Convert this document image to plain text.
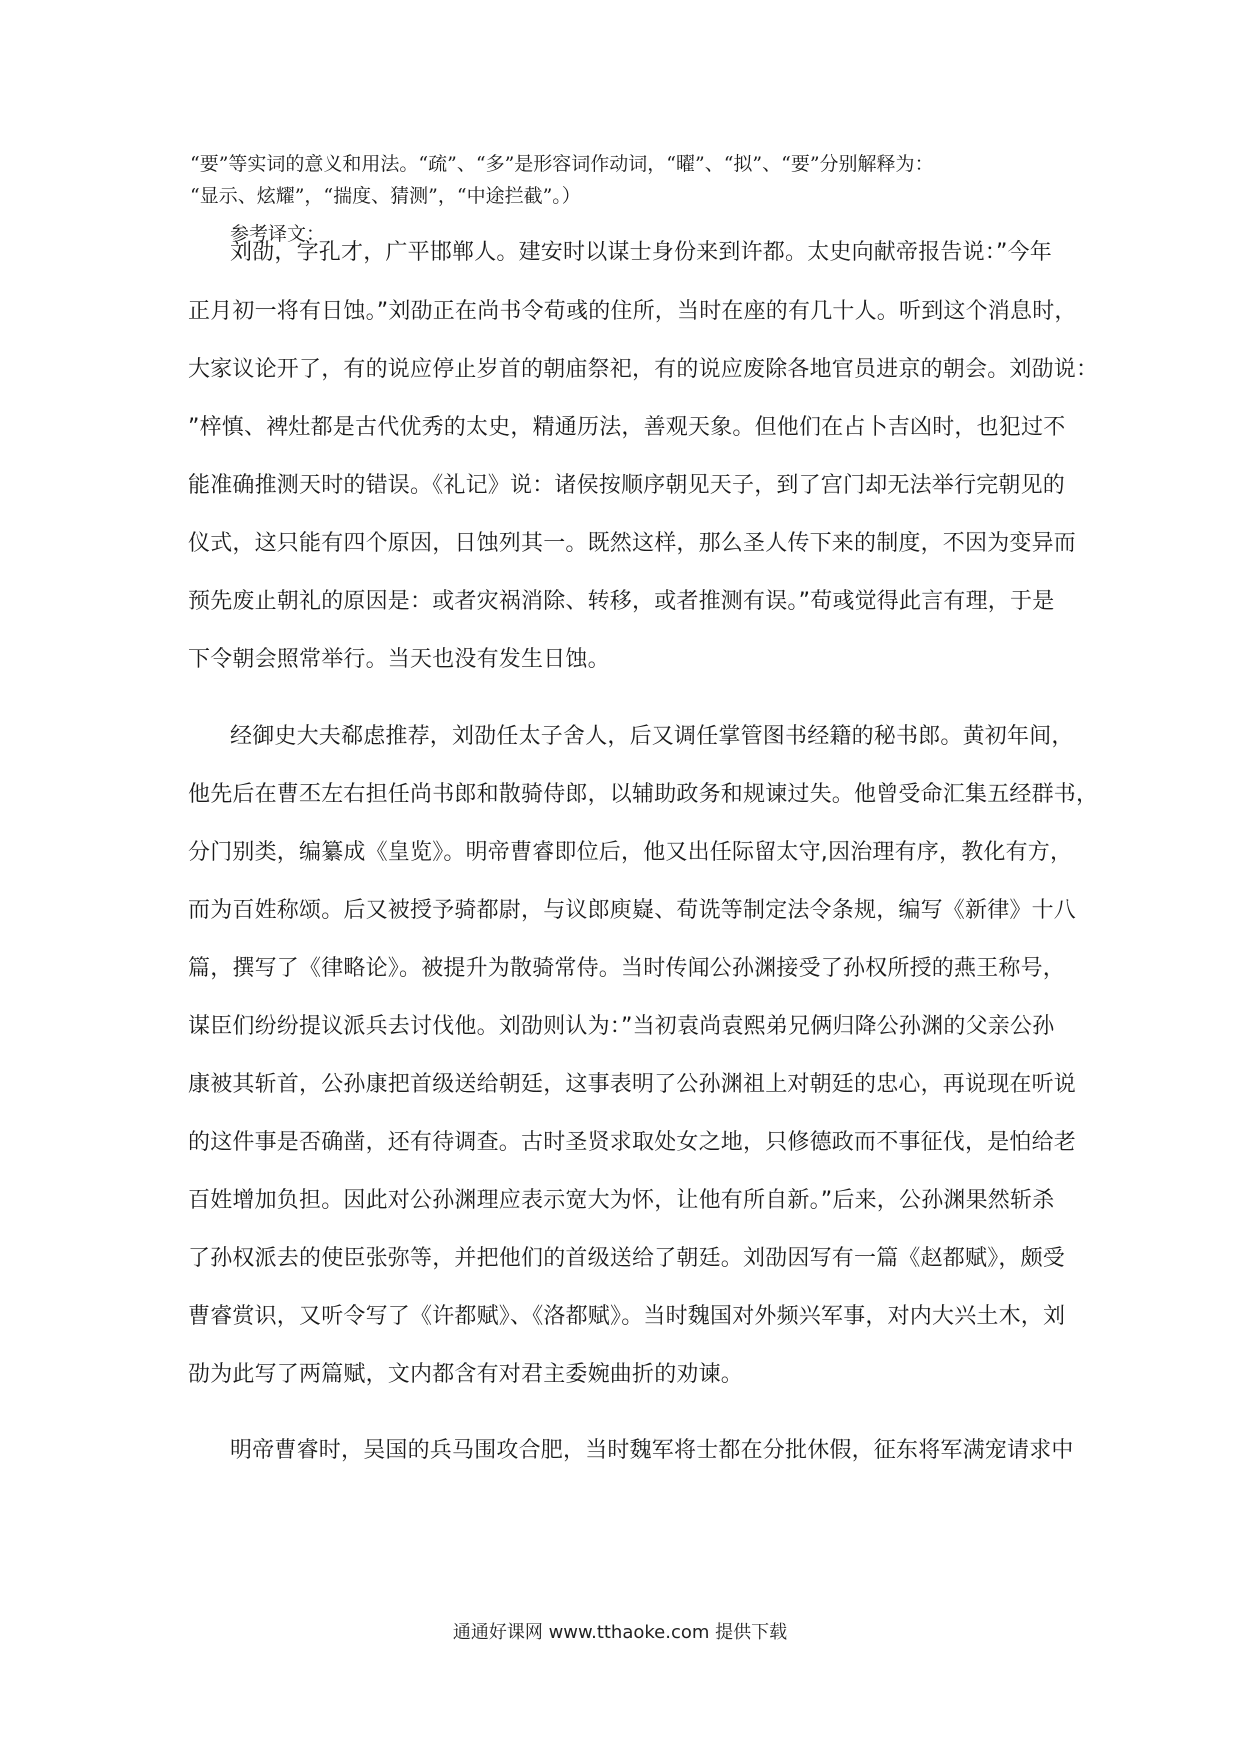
“要”等实词的意义和用法。“疏”、“多”是形容词作动词，“曜”、“拟”、“要”分别解释为：
“显示、炫耀”，“揣度、猜测”，“中途拦截”。）
参考译文：
刘劭，字孔才，广平邯郸人。建安时以谋士身份来到许都。太史向献帝报告说：”今年
正月初一将有日蚀。”刘劭正在尚书令荀彧的住所，当时在座的有几十人。听到这个消息时，
大家议论开了，有的说应停止岁首的朝庙祭祀，有的说应废除各地官员进京的朝会。刘劭说：
”梓慎、裨灶都是古代优秀的太史，精通历法，善观天象。但他们在占卜吉凶时，也犯过不
能准确推测天时的错误。《礼记》说：诸侯按顺序朝见天子，到了宫门却无法举行完朝见的
仪式，这只能有四个原因，日蚀列其一。既然这样，那么圣人传下来的制度，不因为变异而
预先废止朝礼的原因是：或者灾祸消除、转移，或者推测有误。”荀彧觉得此言有理，于是
下令朝会照常举行。当天也没有发生日蚀。
经御史大夫郗虑推荐，刘劭任太子舍人，后又调任掌管图书经籍的秘书郎。黄初年间，
他先后在曹丕左右担任尚书郎和散骑侍郎，以辅助政务和规谏过失。他曾受命汇集五经群书，
分门别类，编纂成《皇览》。明帝曹睿即位后，他又出任际留太守,因治理有序，教化有方，
而为百姓称颂。后又被授予骑都尉，与议郎庾嶷、荀诜等制定法令条规，编写《新律》十八
篇，撰写了《律略论》。被提升为散骑常侍。当时传闻公孙渊接受了孙权所授的燕王称号，
谋臣们纷纷提议派兵去讨伐他。刘劭则认为：”当初袁尚袁熙弟兄俩归降公孙渊的父亲公孙
康被其斩首，公孙康把首级送给朝廷，这事表明了公孙渊祖上对朝廷的忠心，再说现在听说
的这件事是否确凿，还有待调查。古时圣贤求取处女之地，只修德政而不事征伐，是怕给老
百姓增加负担。因此对公孙渊理应表示宽大为怀，让他有所自新。”后来，公孙渊果然斩杀
了孙权派去的使臣张弥等，并把他们的首级送给了朝廷。刘劭因写有一篇《赵都赋》，颇受
曹睿赏识，又听令写了《许都赋》、《洛都赋》。当时魏国对外频兴军事，对内大兴土木，刘
劭为此写了两篇赋，文内都含有对君主委婉曲折的劝谏。
明帝曹睿时，吴国的兵马围攻合肥，当时魏军将士都在分批休假，征东将军满宠请求中
通通好课网 www.tthaoke.com 提供下载
